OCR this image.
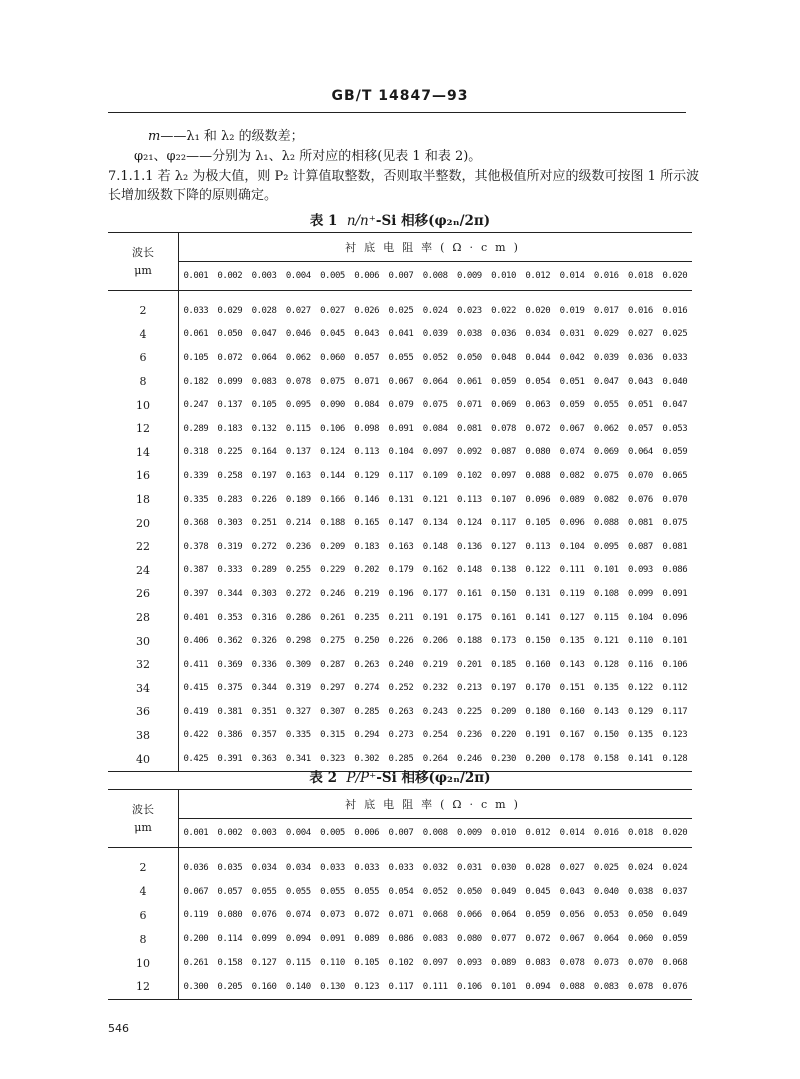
GB/T 14847—93
m——λ₁ 和 λ₂ 的级数差；
φ₂₁、φ₂₂——分别为 λ₁、λ₂ 所对应的相移(见表 1 和表 2)。
7.1.1.1 若 λ₂ 为极大值，则 P₂ 计算值取整数，否则取半整数，其他极值所对应的级数可按图 1 所示波
长增加级数下降的原则确定。
表 1 n/n⁺-Si 相移(φ₂ₙ/2π)
波长
μm	衬底电阻率(Ω·cm)														
	0.001	0.002	0.003	0.004	0.005	0.006	0.007	0.008	0.009	0.010	0.012	0.014	0.016	0.018	0.020

2	0.033	0.029	0.028	0.027	0.027	0.026	0.025	0.024	0.023	0.022	0.020	0.019	0.017	0.016	0.016
4	0.061	0.050	0.047	0.046	0.045	0.043	0.041	0.039	0.038	0.036	0.034	0.031	0.029	0.027	0.025
6	0.105	0.072	0.064	0.062	0.060	0.057	0.055	0.052	0.050	0.048	0.044	0.042	0.039	0.036	0.033
8	0.182	0.099	0.083	0.078	0.075	0.071	0.067	0.064	0.061	0.059	0.054	0.051	0.047	0.043	0.040
10	0.247	0.137	0.105	0.095	0.090	0.084	0.079	0.075	0.071	0.069	0.063	0.059	0.055	0.051	0.047
12	0.289	0.183	0.132	0.115	0.106	0.098	0.091	0.084	0.081	0.078	0.072	0.067	0.062	0.057	0.053
14	0.318	0.225	0.164	0.137	0.124	0.113	0.104	0.097	0.092	0.087	0.080	0.074	0.069	0.064	0.059
16	0.339	0.258	0.197	0.163	0.144	0.129	0.117	0.109	0.102	0.097	0.088	0.082	0.075	0.070	0.065
18	0.335	0.283	0.226	0.189	0.166	0.146	0.131	0.121	0.113	0.107	0.096	0.089	0.082	0.076	0.070
20	0.368	0.303	0.251	0.214	0.188	0.165	0.147	0.134	0.124	0.117	0.105	0.096	0.088	0.081	0.075
22	0.378	0.319	0.272	0.236	0.209	0.183	0.163	0.148	0.136	0.127	0.113	0.104	0.095	0.087	0.081
24	0.387	0.333	0.289	0.255	0.229	0.202	0.179	0.162	0.148	0.138	0.122	0.111	0.101	0.093	0.086
26	0.397	0.344	0.303	0.272	0.246	0.219	0.196	0.177	0.161	0.150	0.131	0.119	0.108	0.099	0.091
28	0.401	0.353	0.316	0.286	0.261	0.235	0.211	0.191	0.175	0.161	0.141	0.127	0.115	0.104	0.096
30	0.406	0.362	0.326	0.298	0.275	0.250	0.226	0.206	0.188	0.173	0.150	0.135	0.121	0.110	0.101
32	0.411	0.369	0.336	0.309	0.287	0.263	0.240	0.219	0.201	0.185	0.160	0.143	0.128	0.116	0.106
34	0.415	0.375	0.344	0.319	0.297	0.274	0.252	0.232	0.213	0.197	0.170	0.151	0.135	0.122	0.112
36	0.419	0.381	0.351	0.327	0.307	0.285	0.263	0.243	0.225	0.209	0.180	0.160	0.143	0.129	0.117
38	0.422	0.386	0.357	0.335	0.315	0.294	0.273	0.254	0.236	0.220	0.191	0.167	0.150	0.135	0.123
40	0.425	0.391	0.363	0.341	0.323	0.302	0.285	0.264	0.246	0.230	0.200	0.178	0.158	0.141	0.128
表 2 P/P⁺-Si 相移(φ₂ₙ/2π)
波长
μm	衬底电阻率(Ω·cm)														
	0.001	0.002	0.003	0.004	0.005	0.006	0.007	0.008	0.009	0.010	0.012	0.014	0.016	0.018	0.020

2	0.036	0.035	0.034	0.034	0.033	0.033	0.033	0.032	0.031	0.030	0.028	0.027	0.025	0.024	0.024
4	0.067	0.057	0.055	0.055	0.055	0.055	0.054	0.052	0.050	0.049	0.045	0.043	0.040	0.038	0.037
6	0.119	0.080	0.076	0.074	0.073	0.072	0.071	0.068	0.066	0.064	0.059	0.056	0.053	0.050	0.049
8	0.200	0.114	0.099	0.094	0.091	0.089	0.086	0.083	0.080	0.077	0.072	0.067	0.064	0.060	0.059
10	0.261	0.158	0.127	0.115	0.110	0.105	0.102	0.097	0.093	0.089	0.083	0.078	0.073	0.070	0.068
12	0.300	0.205	0.160	0.140	0.130	0.123	0.117	0.111	0.106	0.101	0.094	0.088	0.083	0.078	0.076
546
